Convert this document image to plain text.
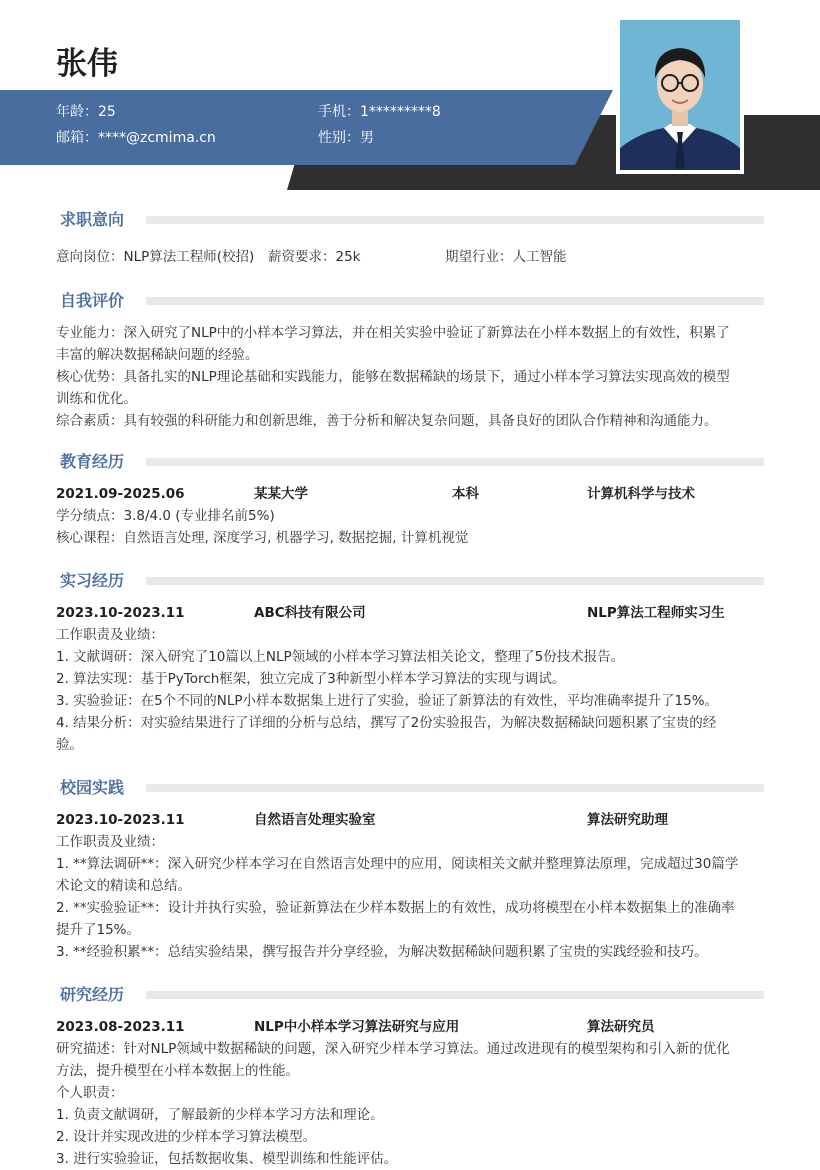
张伟
年龄：25	手机：1*********8
邮箱：****@zcmima.cn	性别：男
求职意向
意向岗位：NLP算法工程师(校招) 薪资要求：25k	期望行业：人工智能
自我评价

专业能力：深入研究了NLP中的小样本学习算法，并在相关实验中验证了新算法在小样本数据上的有效性，积累了

丰富的解决数据稀缺问题的经验。

核心优势：具备扎实的NLP理论基础和实践能力，能够在数据稀缺的场景下，通过小样本学习算法实现高效的模型

训练和优化。

综合素质：具有较强的科研能力和创新思维，善于分析和解决复杂问题，具备良好的团队合作精神和沟通能力。

教育经历
2021.09-2025.06	某某大学	本科	计算机科学与技术

学分绩点：3.8/4.0 (专业排名前5%)

核心课程：自然语言处理, 深度学习, 机器学习, 数据挖掘, 计算机视觉

实习经历
2023.10-2023.11	ABC科技有限公司	NLP算法工程师实习生

工作职责及业绩：

1. 文献调研：深入研究了10篇以上NLP领域的小样本学习算法相关论文，整理了5份技术报告。

2. 算法实现：基于PyTorch框架，独立完成了3种新型小样本学习算法的实现与调试。

3. 实验验证：在5个不同的NLP小样本数据集上进行了实验，验证了新算法的有效性，平均准确率提升了15%。

4. 结果分析：对实验结果进行了详细的分析与总结，撰写了2份实验报告，为解决数据稀缺问题积累了宝贵的经

验。

校园实践
2023.10-2023.11	自然语言处理实验室	算法研究助理

工作职责及业绩：

1. **算法调研**：深入研究少样本学习在自然语言处理中的应用，阅读相关文献并整理算法原理，完成超过30篇学

术论文的精读和总结。

2. **实验验证**：设计并执行实验，验证新算法在少样本数据上的有效性，成功将模型在小样本数据集上的准确率

提升了15%。

3. **经验积累**：总结实验结果，撰写报告并分享经验，为解决数据稀缺问题积累了宝贵的实践经验和技巧。

研究经历
2023.08-2023.11	NLP中小样本学习算法研究与应用	算法研究员

研究描述：针对NLP领域中数据稀缺的问题，深入研究少样本学习算法。通过改进现有的模型架构和引入新的优化

方法，提升模型在小样本数据上的性能。

个人职责：

1. 负责文献调研，了解最新的少样本学习方法和理论。

2. 设计并实现改进的少样本学习算法模型。

3. 进行实验验证，包括数据收集、模型训练和性能评估。
